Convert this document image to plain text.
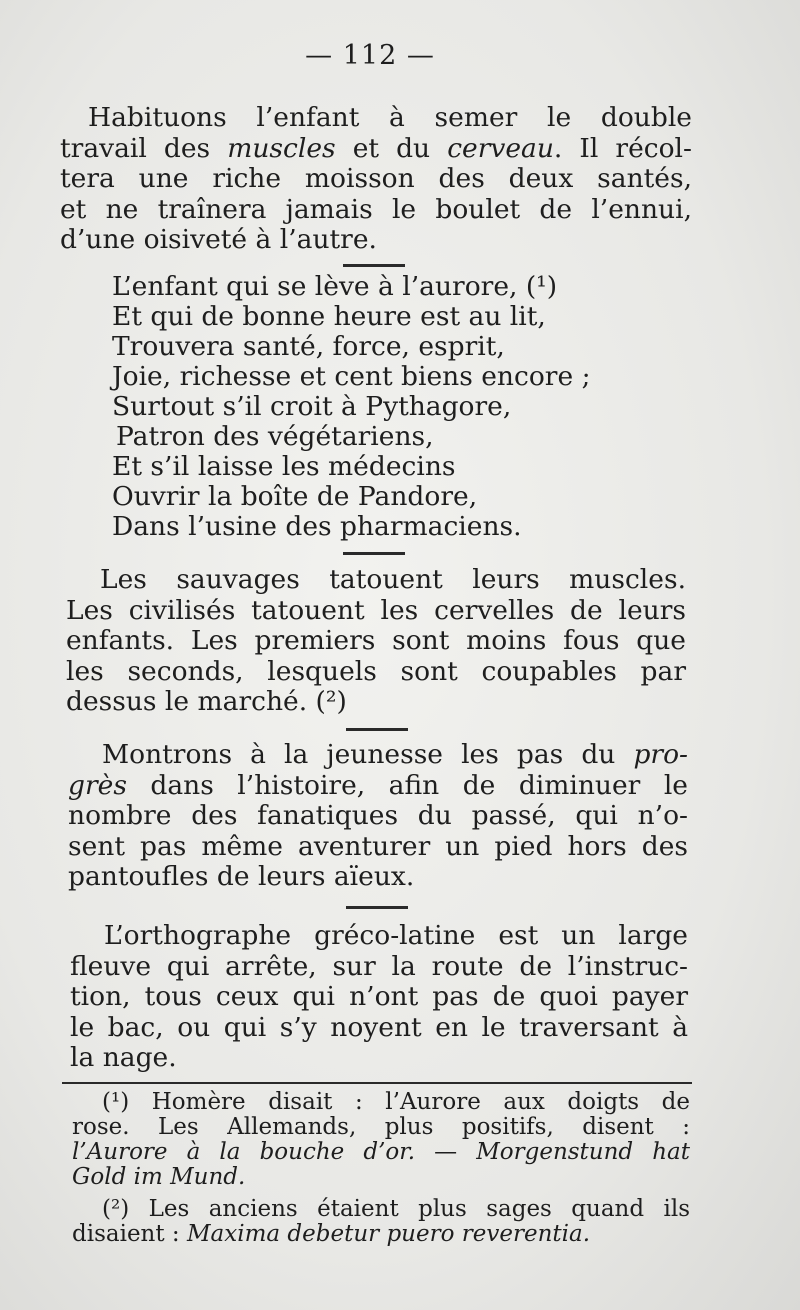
— 112 —
Habituons l’enfant à semer le double
travail des muscles et du cerveau. Il récol-
tera une riche moisson des deux santés,
et ne traînera jamais le boulet de l’ennui,
d’une oisiveté à l’autre.
L’enfant qui se lève à l’aurore, (¹)
Et qui de bonne heure est au lit,
Trouvera santé, force, esprit,
Joie, richesse et cent biens encore ;
Surtout s’il croit à Pythagore,
Patron des végétariens,
Et s’il laisse les médecins
Ouvrir la boîte de Pandore,
Dans l’usine des pharmaciens.
Les sauvages tatouent leurs muscles.
Les civilisés tatouent les cervelles de leurs
enfants. Les premiers sont moins fous que
les seconds, lesquels sont coupables par
dessus le marché. (²)
Montrons à la jeunesse les pas du pro-
grès dans l’histoire, afin de diminuer le
nombre des fanatiques du passé, qui n’o-
sent pas même aventurer un pied hors des
pantoufles de leurs aïeux.
L’orthographe gréco-latine est un large
fleuve qui arrête, sur la route de l’instruc-
tion, tous ceux qui n’ont pas de quoi payer
le bac, ou qui s’y noyent en le traversant à
la nage.
(¹) Homère disait : l’Aurore aux doigts de
rose. Les Allemands, plus positifs, disent :
l’Aurore à la bouche d’or. — Morgenstund hat
Gold im Mund.
(²) Les anciens étaient plus sages quand ils
disaient : Maxima debetur puero reverentia.
